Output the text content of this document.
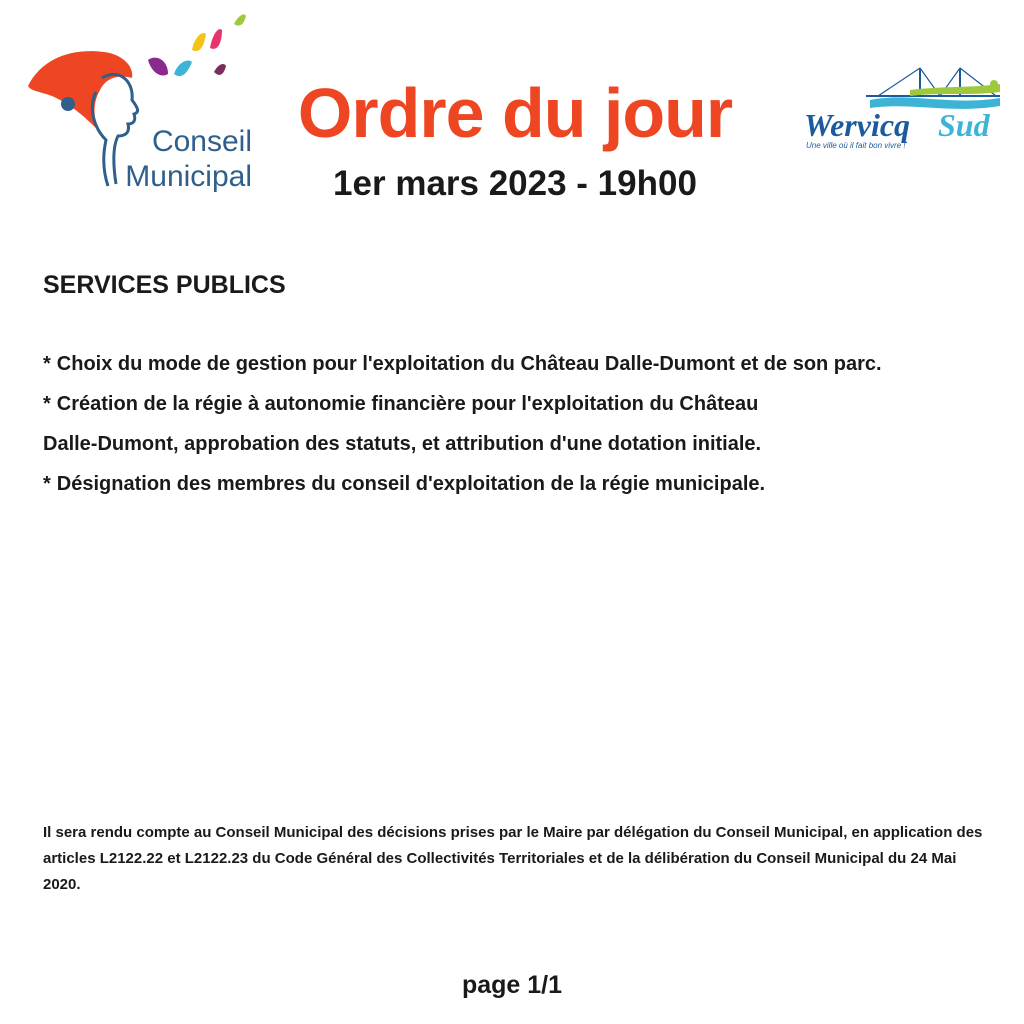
Conseil
Municipal
Ordre du jour
1er mars 2023 - 19h00
Wervicq Sud
Une ville où il fait bon vivre !
SERVICES PUBLICS
* Choix du mode de gestion pour l'exploitation du Château Dalle-Dumont et de son parc.
* Création de la régie à autonomie financière pour l'exploitation du Château
Dalle-Dumont, approbation des statuts, et attribution d'une dotation initiale.
* Désignation des membres du conseil d'exploitation de la régie municipale.
Il sera rendu compte au Conseil Municipal des décisions prises par le Maire par délégation du Conseil Municipal, en application des articles L2122.22 et L2122.23 du Code Général des Collectivités Territoriales et de la délibération du Conseil Municipal du 24 Mai 2020.
page 1/1
